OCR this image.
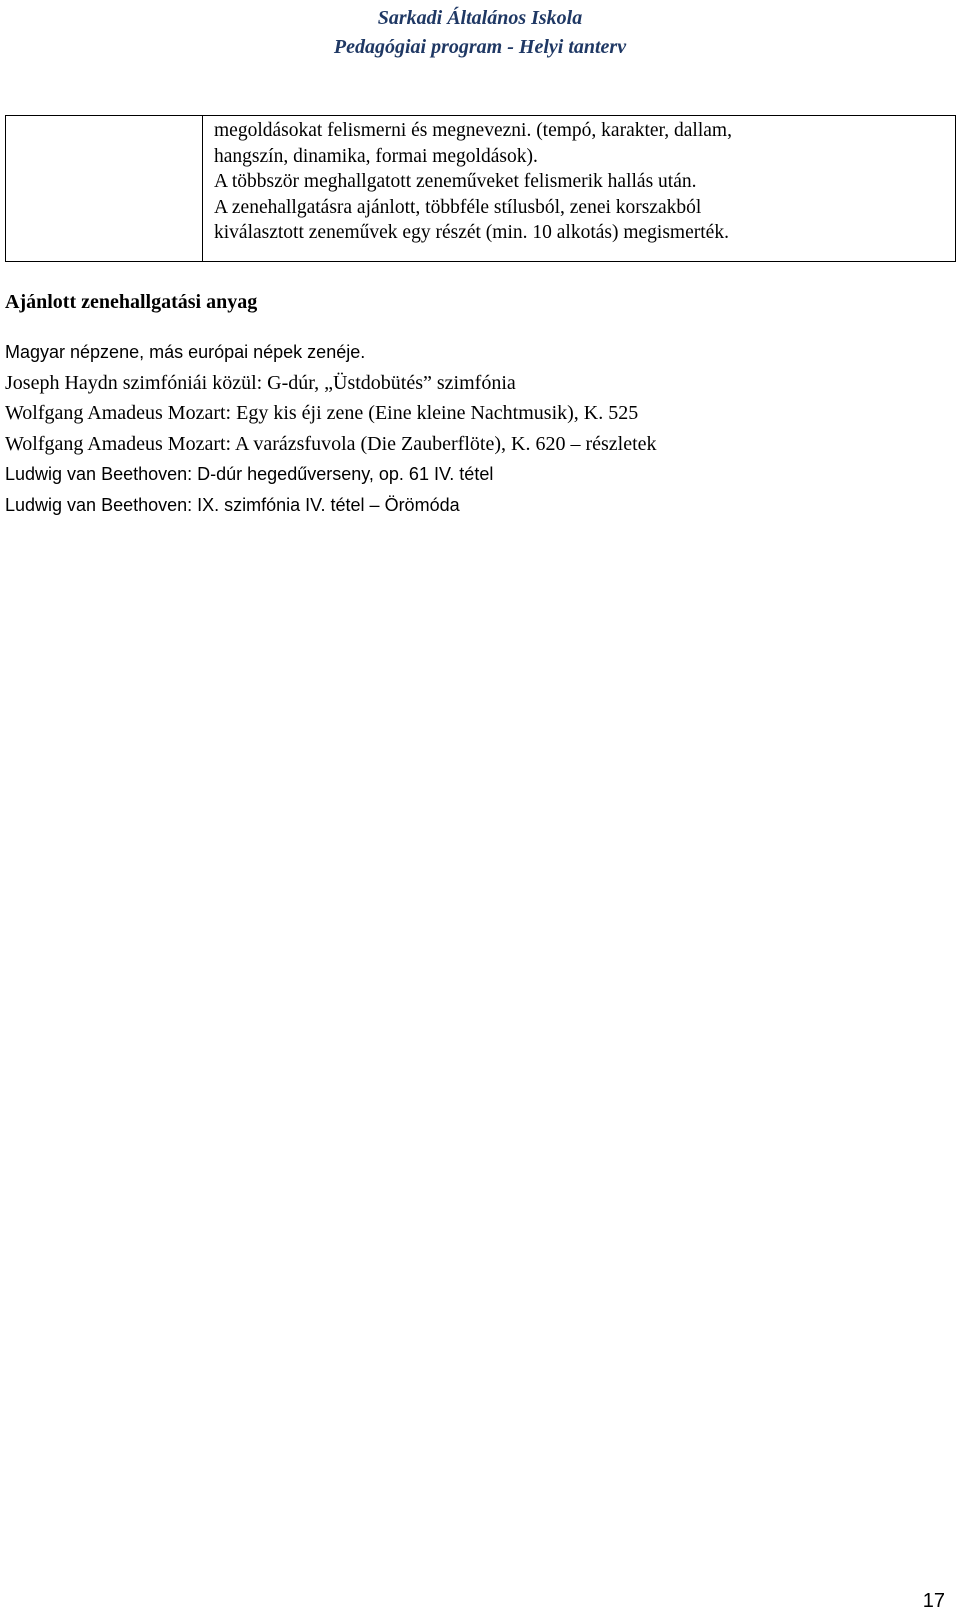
Sarkadi Általános Iskola
Pedagógiai program - Helyi tanterv
megoldásokat felismerni és megnevezni. (tempó, karakter, dallam,
hangszín, dinamika, formai megoldások).
A többször meghallgatott zeneműveket felismerik hallás után.
A zenehallgatásra ajánlott, többféle stílusból, zenei korszakból
kiválasztott zeneművek egy részét (min. 10 alkotás) megismerték.
Ajánlott zenehallgatási anyag
Magyar népzene, más európai népek zenéje.
Joseph Haydn szimfóniái közül: G-dúr, „Üstdobütés” szimfónia
Wolfgang Amadeus Mozart: Egy kis éji zene (Eine kleine Nachtmusik), K. 525
Wolfgang Amadeus Mozart: A varázsfuvola (Die Zauberflöte), K. 620 – részletek
Ludwig van Beethoven: D-dúr hegedűverseny, op. 61 IV. tétel
Ludwig van Beethoven: IX. szimfónia IV. tétel – Örömóda
17
